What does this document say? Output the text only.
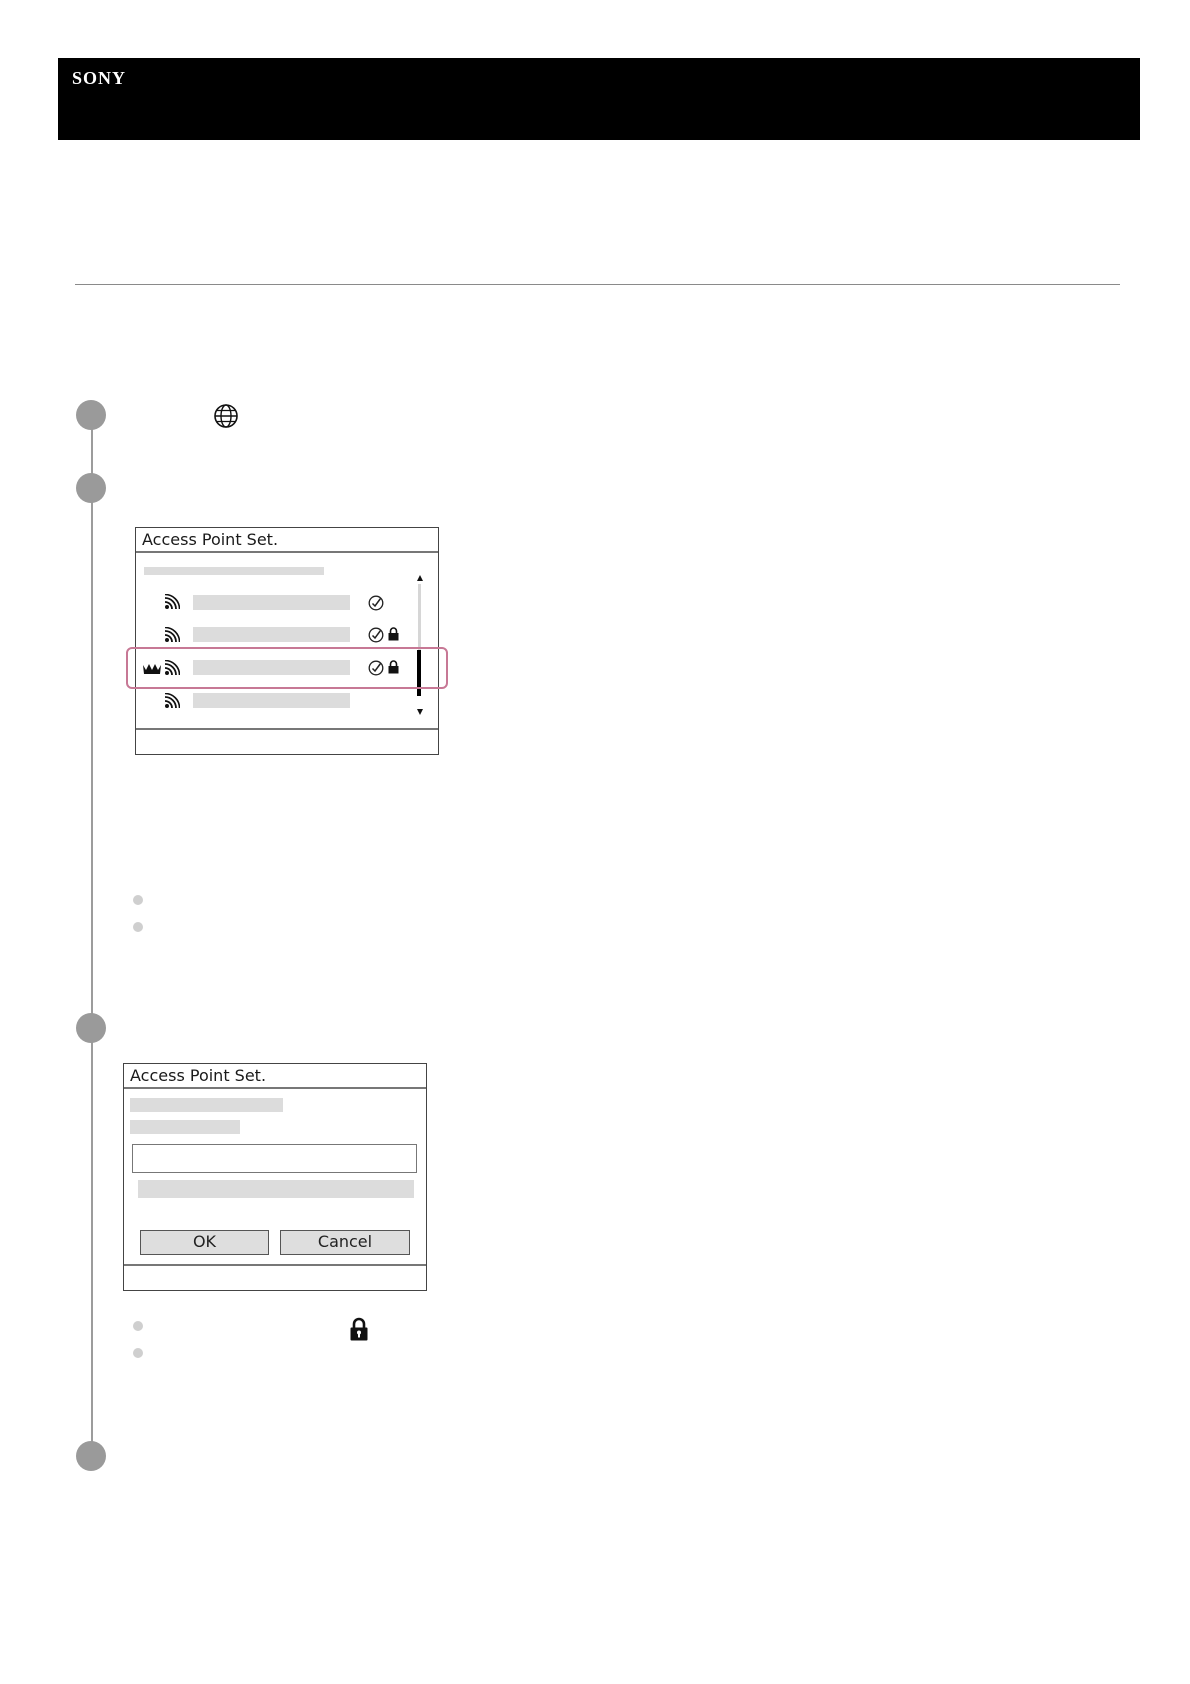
SONY
Access Point Set.
Access Point Set.
OK	Cancel
